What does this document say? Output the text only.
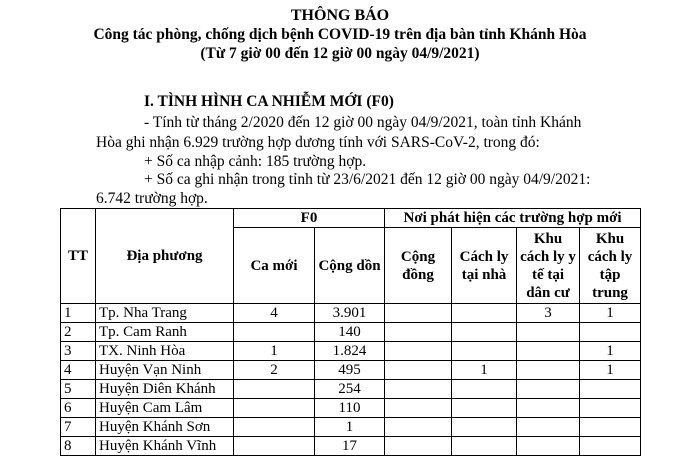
THÔNG BÁO
Công tác phòng, chống dịch bệnh COVID-19 trên địa bàn tỉnh Khánh Hòa
(Từ 7 giờ 00 đến 12 giờ 00 ngày 04/9/2021)
I. TÌNH HÌNH CA NHIỄM MỚI (F0)
- Tính từ tháng 2/2020 đến 12 giờ 00 ngày 04/9/2021, toàn tỉnh Khánh
Hòa ghi nhận 6.929 trường hợp dương tính với SARS-CoV-2, trong đó:
+ Số ca nhập cảnh: 185 trường hợp.
+ Số ca ghi nhận trong tỉnh từ 23/6/2021 đến 12 giờ 00 ngày 04/9/2021:
6.742 trường hợp.
TT	Địa phương	F0		Nơi phát hiện các trường hợp mới			
		Ca mới	Cộng dồn	Cộng đồng	Cách ly tại nhà	Khu cách ly y tế tại dân cư	Khu cách ly tập trung
1	Tp. Nha Trang	4	3.901			3	1
2	Tp. Cam Ranh		140				
3	TX. Ninh Hòa	1	1.824				1
4	Huyện Vạn Ninh	2	495		1		1
5	Huyện Diên Khánh		254				
6	Huyện Cam Lâm		110				
7	Huyện Khánh Sơn		1				
8	Huyện Khánh Vĩnh		17				
